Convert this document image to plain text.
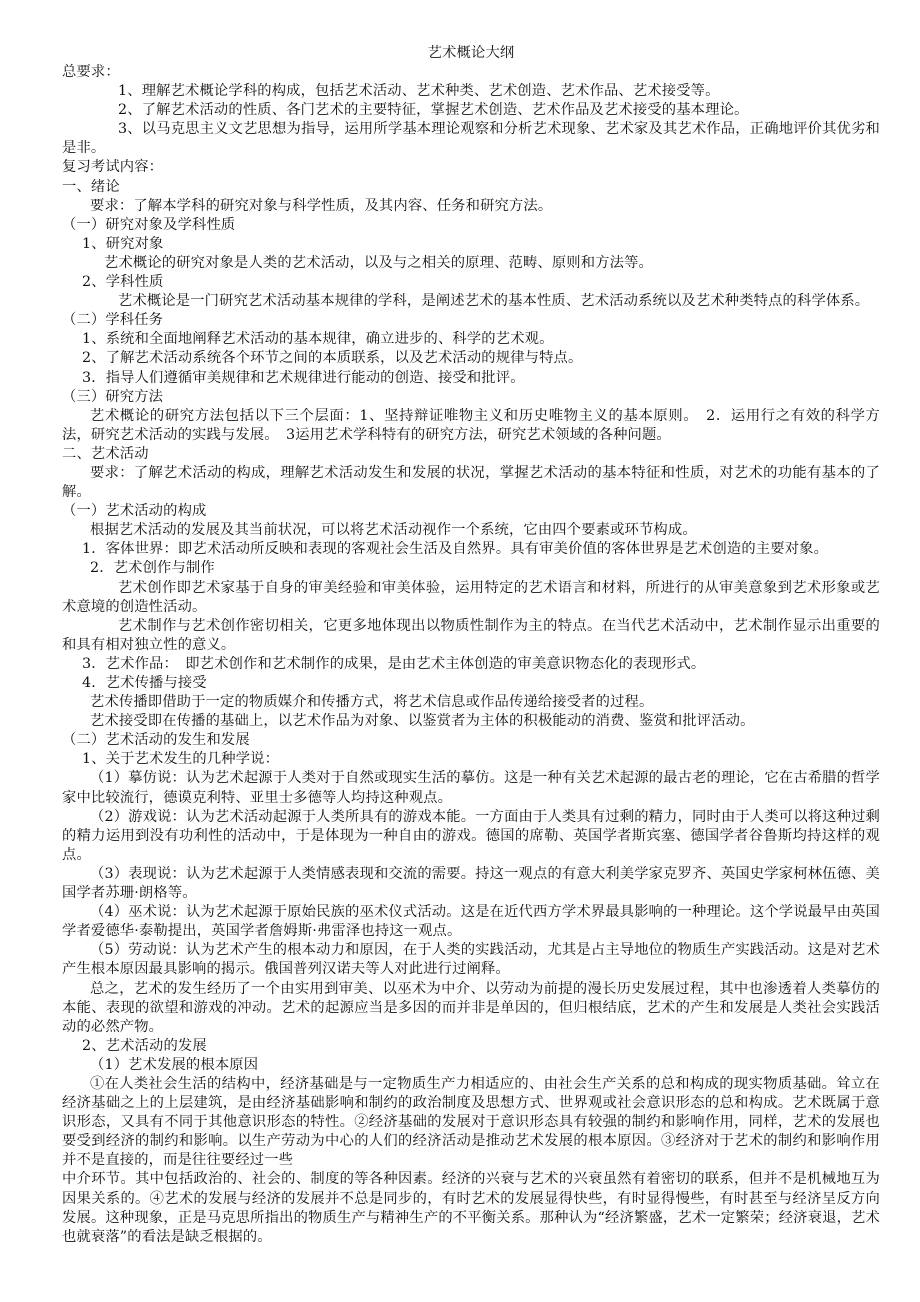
艺术概论大纲

总要求：

1、理解艺术概论学科的构成，包括艺术活动、艺术种类、艺术创造、艺术作品、艺术接受等。

2、了解艺术活动的性质、各门艺术的主要特征，掌握艺术创造、艺术作品及艺术接受的基本理论。

3、以马克思主义文艺思想为指导，运用所学基本理论观察和分析艺术现象、艺术家及其艺术作品，正确地评价其优劣和是非。

复习考试内容：

一、绪论

要求：了解本学科的研究对象与科学性质，及其内容、任务和研究方法。

（一）研究对象及学科性质

1、研究对象

艺术概论的研究对象是人类的艺术活动，以及与之相关的原理、范畴、原则和方法等。

2、学科性质

艺术概论是一门研究艺术活动基本规律的学科，是阐述艺术的基本性质、艺术活动系统以及艺术种类特点的科学体系。

（二）学科任务

1、系统和全面地阐释艺术活动的基本规律，确立进步的、科学的艺术观。

2、了解艺术活动系统各个环节之间的本质联系，以及艺术活动的规律与特点。

3．指导人们遵循审美规律和艺术规律进行能动的创造、接受和批评。

（三）研究方法

艺术概论的研究方法包括以下三个层面：1、坚持辩证唯物主义和历史唯物主义的基本原则。　2．运用行之有效的科学方法，研究艺术活动的实践与发展。　3运用艺术学科特有的研究方法，研究艺术领域的各种问题。

二、艺术活动

要求：了解艺术活动的构成，理解艺术活动发生和发展的状况，掌握艺术活动的基本特征和性质，对艺术的功能有基本的了解。

（一）艺术活动的构成

根据艺术活动的发展及其当前状况，可以将艺术活动视作一个系统，它由四个要素或环节构成。

1．客体世界：即艺术活动所反映和表现的客观社会生活及自然界。具有审美价值的客体世界是艺术创造的主要对象。

2．艺术创作与制作

艺术创作即艺术家基于自身的审美经验和审美体验，运用特定的艺术语言和材料，所进行的从审美意象到艺术形象或艺术意境的创造性活动。

艺术制作与艺术创作密切相关，它更多地体现出以物质性制作为主的特点。在当代艺术活动中，艺术制作显示出重要的和具有相对独立性的意义。

3．艺术作品：　即艺术创作和艺术制作的成果，是由艺术主体创造的审美意识物态化的表现形式。

4．艺术传播与接受

艺术传播即借助于一定的物质媒介和传播方式，将艺术信息或作品传递给接受者的过程。

艺术接受即在传播的基础上，以艺术作品为对象、以鉴赏者为主体的积极能动的消费、鉴赏和批评活动。

（二）艺术活动的发生和发展

1、关于艺术发生的几种学说：

（1）摹仿说：认为艺术起源于人类对于自然或现实生活的摹仿。这是一种有关艺术起源的最古老的理论，它在古希腊的哲学家中比较流行，德谟克利特、亚里士多德等人均持这种观点。

（2）游戏说：认为艺术活动起源于人类所具有的游戏本能。一方面由于人类具有过剩的精力，同时由于人类可以将这种过剩的精力运用到没有功利性的活动中，于是体现为一种自由的游戏。德国的席勒、英国学者斯宾塞、德国学者谷鲁斯均持这样的观点。

（3）表现说：认为艺术起源于人类情感表现和交流的需要。持这一观点的有意大利美学家克罗齐、英国史学家柯林伍德、美国学者苏珊·朗格等。

（4）巫术说：认为艺术起源于原始民族的巫术仪式活动。这是在近代西方学术界最具影响的一种理论。这个学说最早由英国学者爱德华·泰勒提出，英国学者詹姆斯·弗雷泽也持这一观点。

（5）劳动说：认为艺术产生的根本动力和原因，在于人类的实践活动，尤其是占主导地位的物质生产实践活动。这是对艺术产生根本原因最具影响的揭示。俄国普列汉诺夫等人对此进行过阐释。

总之，艺术的发生经历了一个由实用到审美、以巫术为中介、以劳动为前提的漫长历史发展过程，其中也渗透着人类摹仿的本能、表现的欲望和游戏的冲动。艺术的起源应当是多因的而并非是单因的，但归根结底，艺术的产生和发展是人类社会实践活动的必然产物。

2、艺术活动的发展

（1）艺术发展的根本原因

①在人类社会生活的结构中，经济基础是与一定物质生产力相适应的、由社会生产关系的总和构成的现实物质基础。耸立在经济基础之上的上层建筑，是由经济基础影响和制约的政治制度及思想方式、世界观或社会意识形态的总和构成。艺术既属于意识形态，又具有不同于其他意识形态的特性。②经济基础的发展对于意识形态具有较强的制约和影响作用，同样，艺术的发展也要受到经济的制约和影响。以生产劳动为中心的人们的经济活动是推动艺术发展的根本原因。③经济对于艺术的制约和影响作用并不是直接的，而是往往要经过一些

中介环节。其中包括政治的、社会的、制度的等各种因素。经济的兴衰与艺术的兴衰虽然有着密切的联系，但并不是机械地互为因果关系的。④艺术的发展与经济的发展并不总是同步的，有时艺术的发展显得快些，有时显得慢些，有时甚至与经济呈反方向发展。这种现象，正是马克思所指出的物质生产与精神生产的不平衡关系。那种认为“经济繁盛，艺术一定繁荣；经济衰退，艺术也就衰落”的看法是缺乏根据的。
